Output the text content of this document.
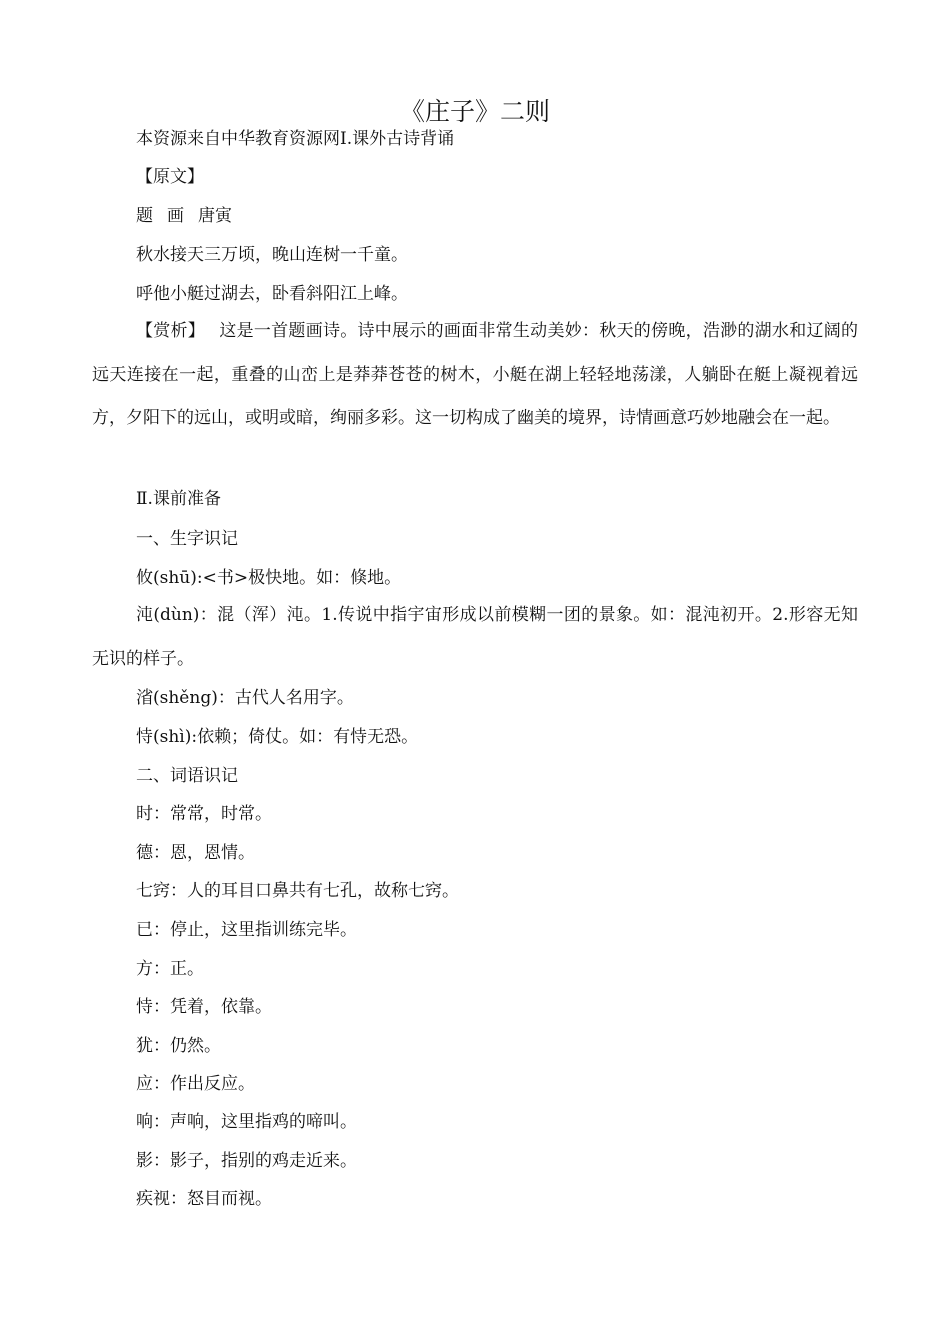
《庄子》二则
本资源来自中华教育资源网Ⅰ.课外古诗背诵
【原文】
题 画 唐寅
秋水接天三万顷，晚山连树一千童。
呼他小艇过湖去，卧看斜阳江上峰。
【赏析】 这是一首题画诗。诗中展示的画面非常生动美妙：秋天的傍晚，浩渺的湖水和辽阔的远天连接在一起，重叠的山峦上是莽莽苍苍的树木，小艇在湖上轻轻地荡漾，人躺卧在艇上凝视着远方，夕阳下的远山，或明或暗，绚丽多彩。这一切构成了幽美的境界，诗情画意巧妙地融会在一起。
Ⅱ.课前准备
一、生字识记
攸(shū):<书>极快地。如：倏地。
沌(dùn)：混（浑）沌。1.传说中指宇宙形成以前模糊一团的景象。如：混沌初开。2.形容无知无识的样子。
渻(shěng)：古代人名用字。
恃(shì):依赖；倚仗。如：有恃无恐。
二、词语识记
时：常常，时常。
德：恩，恩情。
七窍：人的耳目口鼻共有七孔，故称七窍。
已：停止，这里指训练完毕。
方：正。
恃：凭着，依靠。
犹：仍然。
应：作出反应。
响：声响，这里指鸡的啼叫。
影：影子，指别的鸡走近来。
疾视：怒目而视。
